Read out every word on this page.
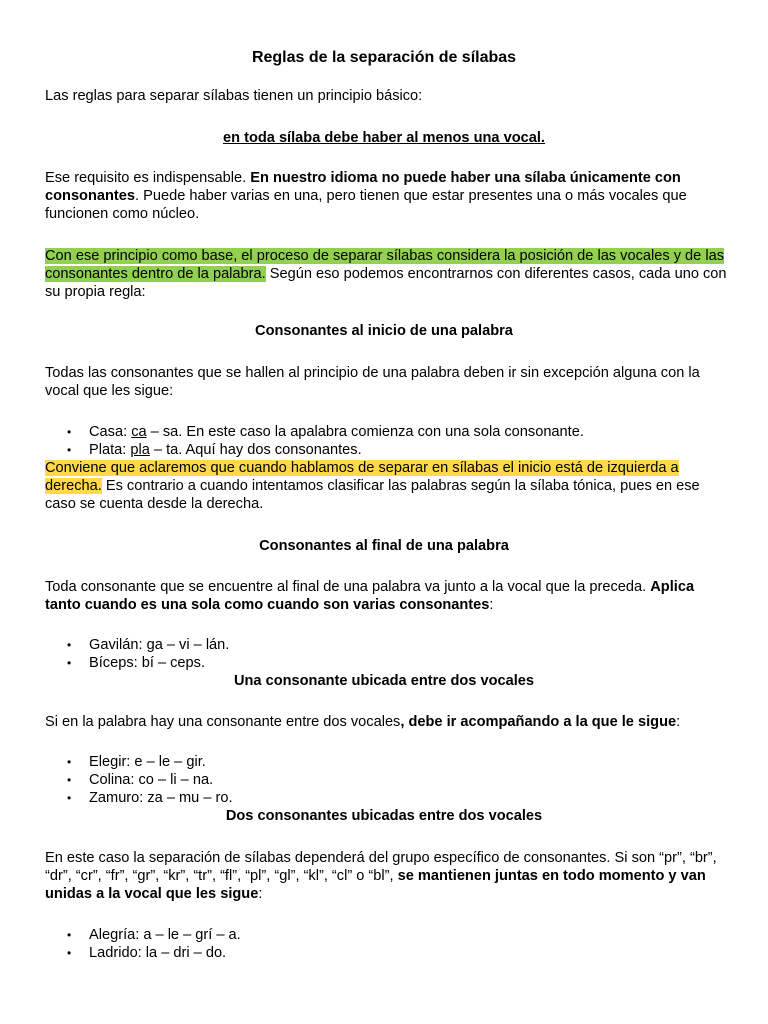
Reglas de la separación de sílabas

Las reglas para separar sílabas tienen un principio básico:

en toda sílaba debe haber al menos una vocal.

Ese requisito es indispensable. En nuestro idioma no puede haber una sílaba únicamente con consonantes. Puede haber varias en una, pero tienen que estar presentes una o más vocales que funcionen como núcleo.

Con ese principio como base, el proceso de separar sílabas considera la posición de las vocales y de las consonantes dentro de la palabra. Según eso podemos encontrarnos con diferentes casos, cada uno con su propia regla:

Consonantes al inicio de una palabra

Todas las consonantes que se hallen al principio de una palabra deben ir sin excepción alguna con la vocal que les sigue:

• Casa: ca – sa. En este caso la apalabra comienza con una sola consonante.
• Plata: pla – ta. Aquí hay dos consonantes.

Conviene que aclaremos que cuando hablamos de separar en sílabas el inicio está de izquierda a derecha. Es contrario a cuando intentamos clasificar las palabras según la sílaba tónica, pues en ese caso se cuenta desde la derecha.

Consonantes al final de una palabra

Toda consonante que se encuentre al final de una palabra va junto a la vocal que la preceda. Aplica tanto cuando es una sola como cuando son varias consonantes:

• Gavilán: ga – vi – lán.
• Bíceps: bí – ceps.

Una consonante ubicada entre dos vocales

Si en la palabra hay una consonante entre dos vocales, debe ir acompañando a la que le sigue:

• Elegir: e – le – gir.
• Colina: co – li – na.
• Zamuro: za – mu – ro.

Dos consonantes ubicadas entre dos vocales

En este caso la separación de sílabas dependerá del grupo específico de consonantes. Si son “pr”, “br”, “dr”, “cr”, “fr”, “gr”, “kr”, “tr”, “fl”, “pl”, “gl”, “kl”, “cl” o “bl”, se mantienen juntas en todo momento y van unidas a la vocal que les sigue:

• Alegría: a – le – grí – a.
• Ladrido: la – dri – do.
